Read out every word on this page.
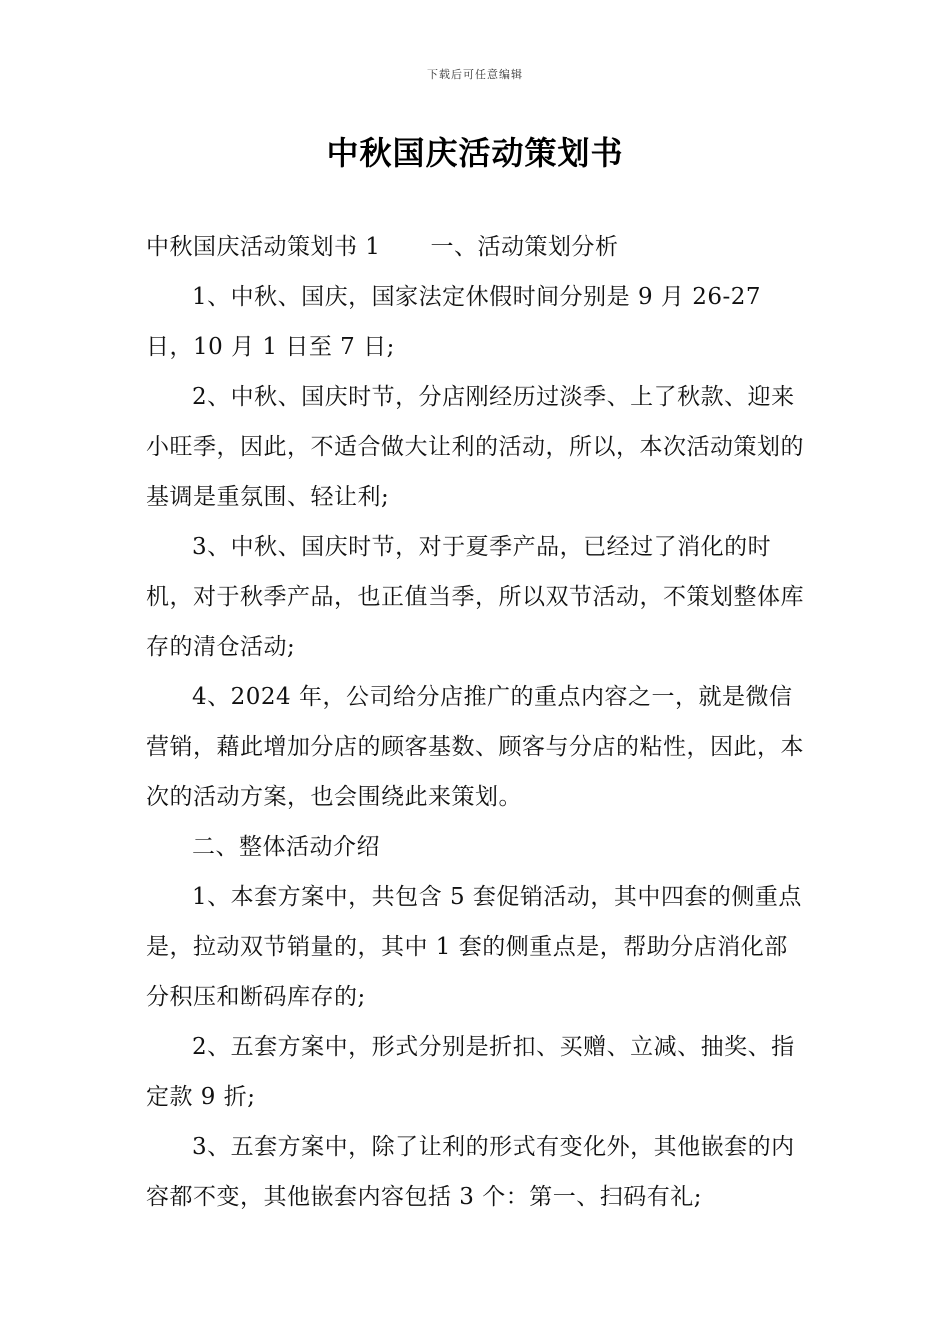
下载后可任意编辑
中秋国庆活动策划书

中秋国庆活动策划书 1 一、活动策划分析

1、中秋、国庆，国家法定休假时间分别是 9 月 26-27 日，10 月 1 日至 7 日;

2、中秋、国庆时节，分店刚经历过淡季、上了秋款、迎来小旺季，因此，不适合做大让利的活动，所以，本次活动策划的基调是重氛围、轻让利;

3、中秋、国庆时节，对于夏季产品，已经过了消化的时机，对于秋季产品，也正值当季，所以双节活动，不策划整体库存的清仓活动;

4、2024 年，公司给分店推广的重点内容之一，就是微信营销，藉此增加分店的顾客基数、顾客与分店的粘性，因此，本次的活动方案，也会围绕此来策划。

二、整体活动介绍

1、本套方案中，共包含 5 套促销活动，其中四套的侧重点是，拉动双节销量的，其中 1 套的侧重点是，帮助分店消化部分积压和断码库存的;

2、五套方案中，形式分别是折扣、买赠、立减、抽奖、指定款 9 折;

3、五套方案中，除了让利的形式有变化外，其他嵌套的内容都不变，其他嵌套内容包括 3 个：第一、扫码有礼;
